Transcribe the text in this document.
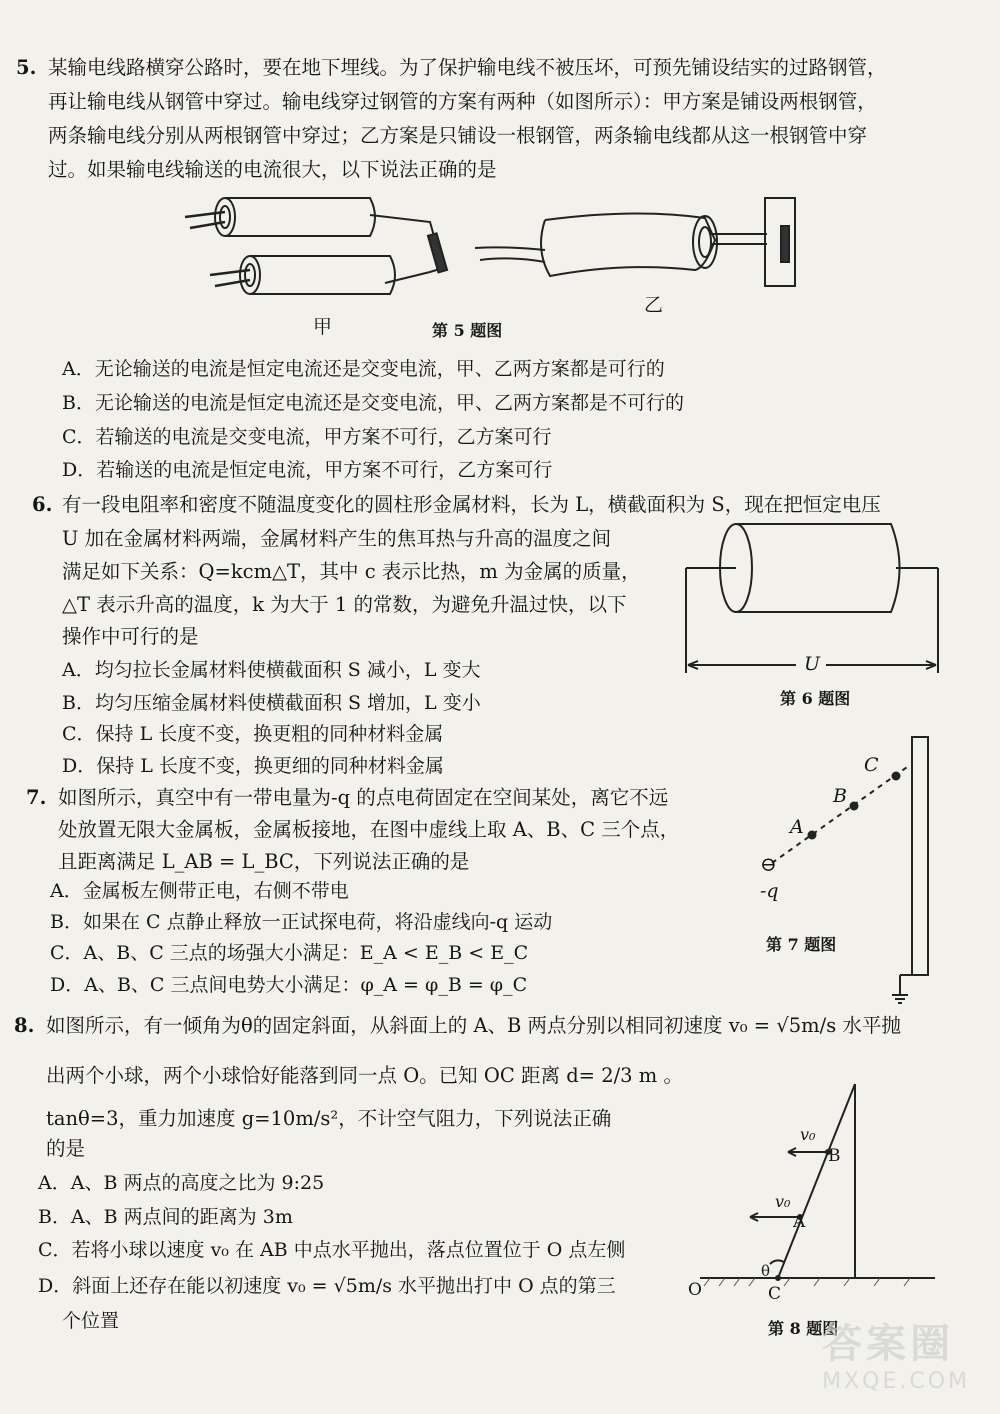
5. 某输电线路横穿公路时，要在地下埋线。为了保护输电线不被压坏，可预先铺设结实的过路钢管，
再让输电线从钢管中穿过。输电线穿过钢管的方案有两种（如图所示）：甲方案是铺设两根钢管，
两条输电线分别从两根钢管中穿过；乙方案是只铺设一根钢管，两条输电线都从这一根钢管中穿
过。如果输电线输送的电流很大，以下说法正确的是
甲
乙
第 5 题图
A．无论输送的电流是恒定电流还是交变电流，甲、乙两方案都是可行的
B．无论输送的电流是恒定电流还是交变电流，甲、乙两方案都是不可行的
C．若输送的电流是交变电流，甲方案不可行，乙方案可行
D．若输送的电流是恒定电流，甲方案不可行，乙方案可行
6. 有一段电阻率和密度不随温度变化的圆柱形金属材料，长为 L，横截面积为 S，现在把恒定电压
U 加在金属材料两端，金属材料产生的焦耳热与升高的温度之间
满足如下关系：Q=kcm△T，其中 c 表示比热，m 为金属的质量，
△T 表示升高的温度，k 为大于 1 的常数，为避免升温过快，以下
操作中可行的是
A．均匀拉长金属材料使横截面积 S 减小，L 变大
B．均匀压缩金属材料使横截面积 S 增加，L 变小
C．保持 L 长度不变，换更粗的同种材料金属
D．保持 L 长度不变，换更细的同种材料金属
U
第 6 题图
7. 如图所示，真空中有一带电量为-q 的点电荷固定在空间某处，离它不远
处放置无限大金属板，金属板接地，在图中虚线上取 A、B、C 三个点，
且距离满足 L_AB = L_BC，下列说法正确的是
A．金属板左侧带正电，右侧不带电
B．如果在 C 点静止释放一正试探电荷，将沿虚线向-q 运动
C．A、B、C 三点的场强大小满足：E_A < E_B < E_C
D．A、B、C 三点间电势大小满足：φ_A = φ_B = φ_C
A
B
C
⊖
-q
第 7 题图
8. 如图所示，有一倾角为θ的固定斜面，从斜面上的 A、B 两点分别以相同初速度 v₀ = √5m/s 水平抛
出两个小球，两个小球恰好能落到同一点 O。已知 OC 距离 d= 2/3 m 。
tanθ=3，重力加速度 g=10m/s²，不计空气阻力，下列说法正确
的是
A．A、B 两点的高度之比为 9:25
B．A、B 两点间的距离为 3m
C．若将小球以速度 v₀ 在 AB 中点水平抛出，落点位置位于 O 点左侧
D．斜面上还存在能以初速度 v₀ = √5m/s 水平抛出打中 O 点的第三
个位置
v₀
v₀
B
A
θ
O	C
第 8 题图
答案圈
MXQE.COM
